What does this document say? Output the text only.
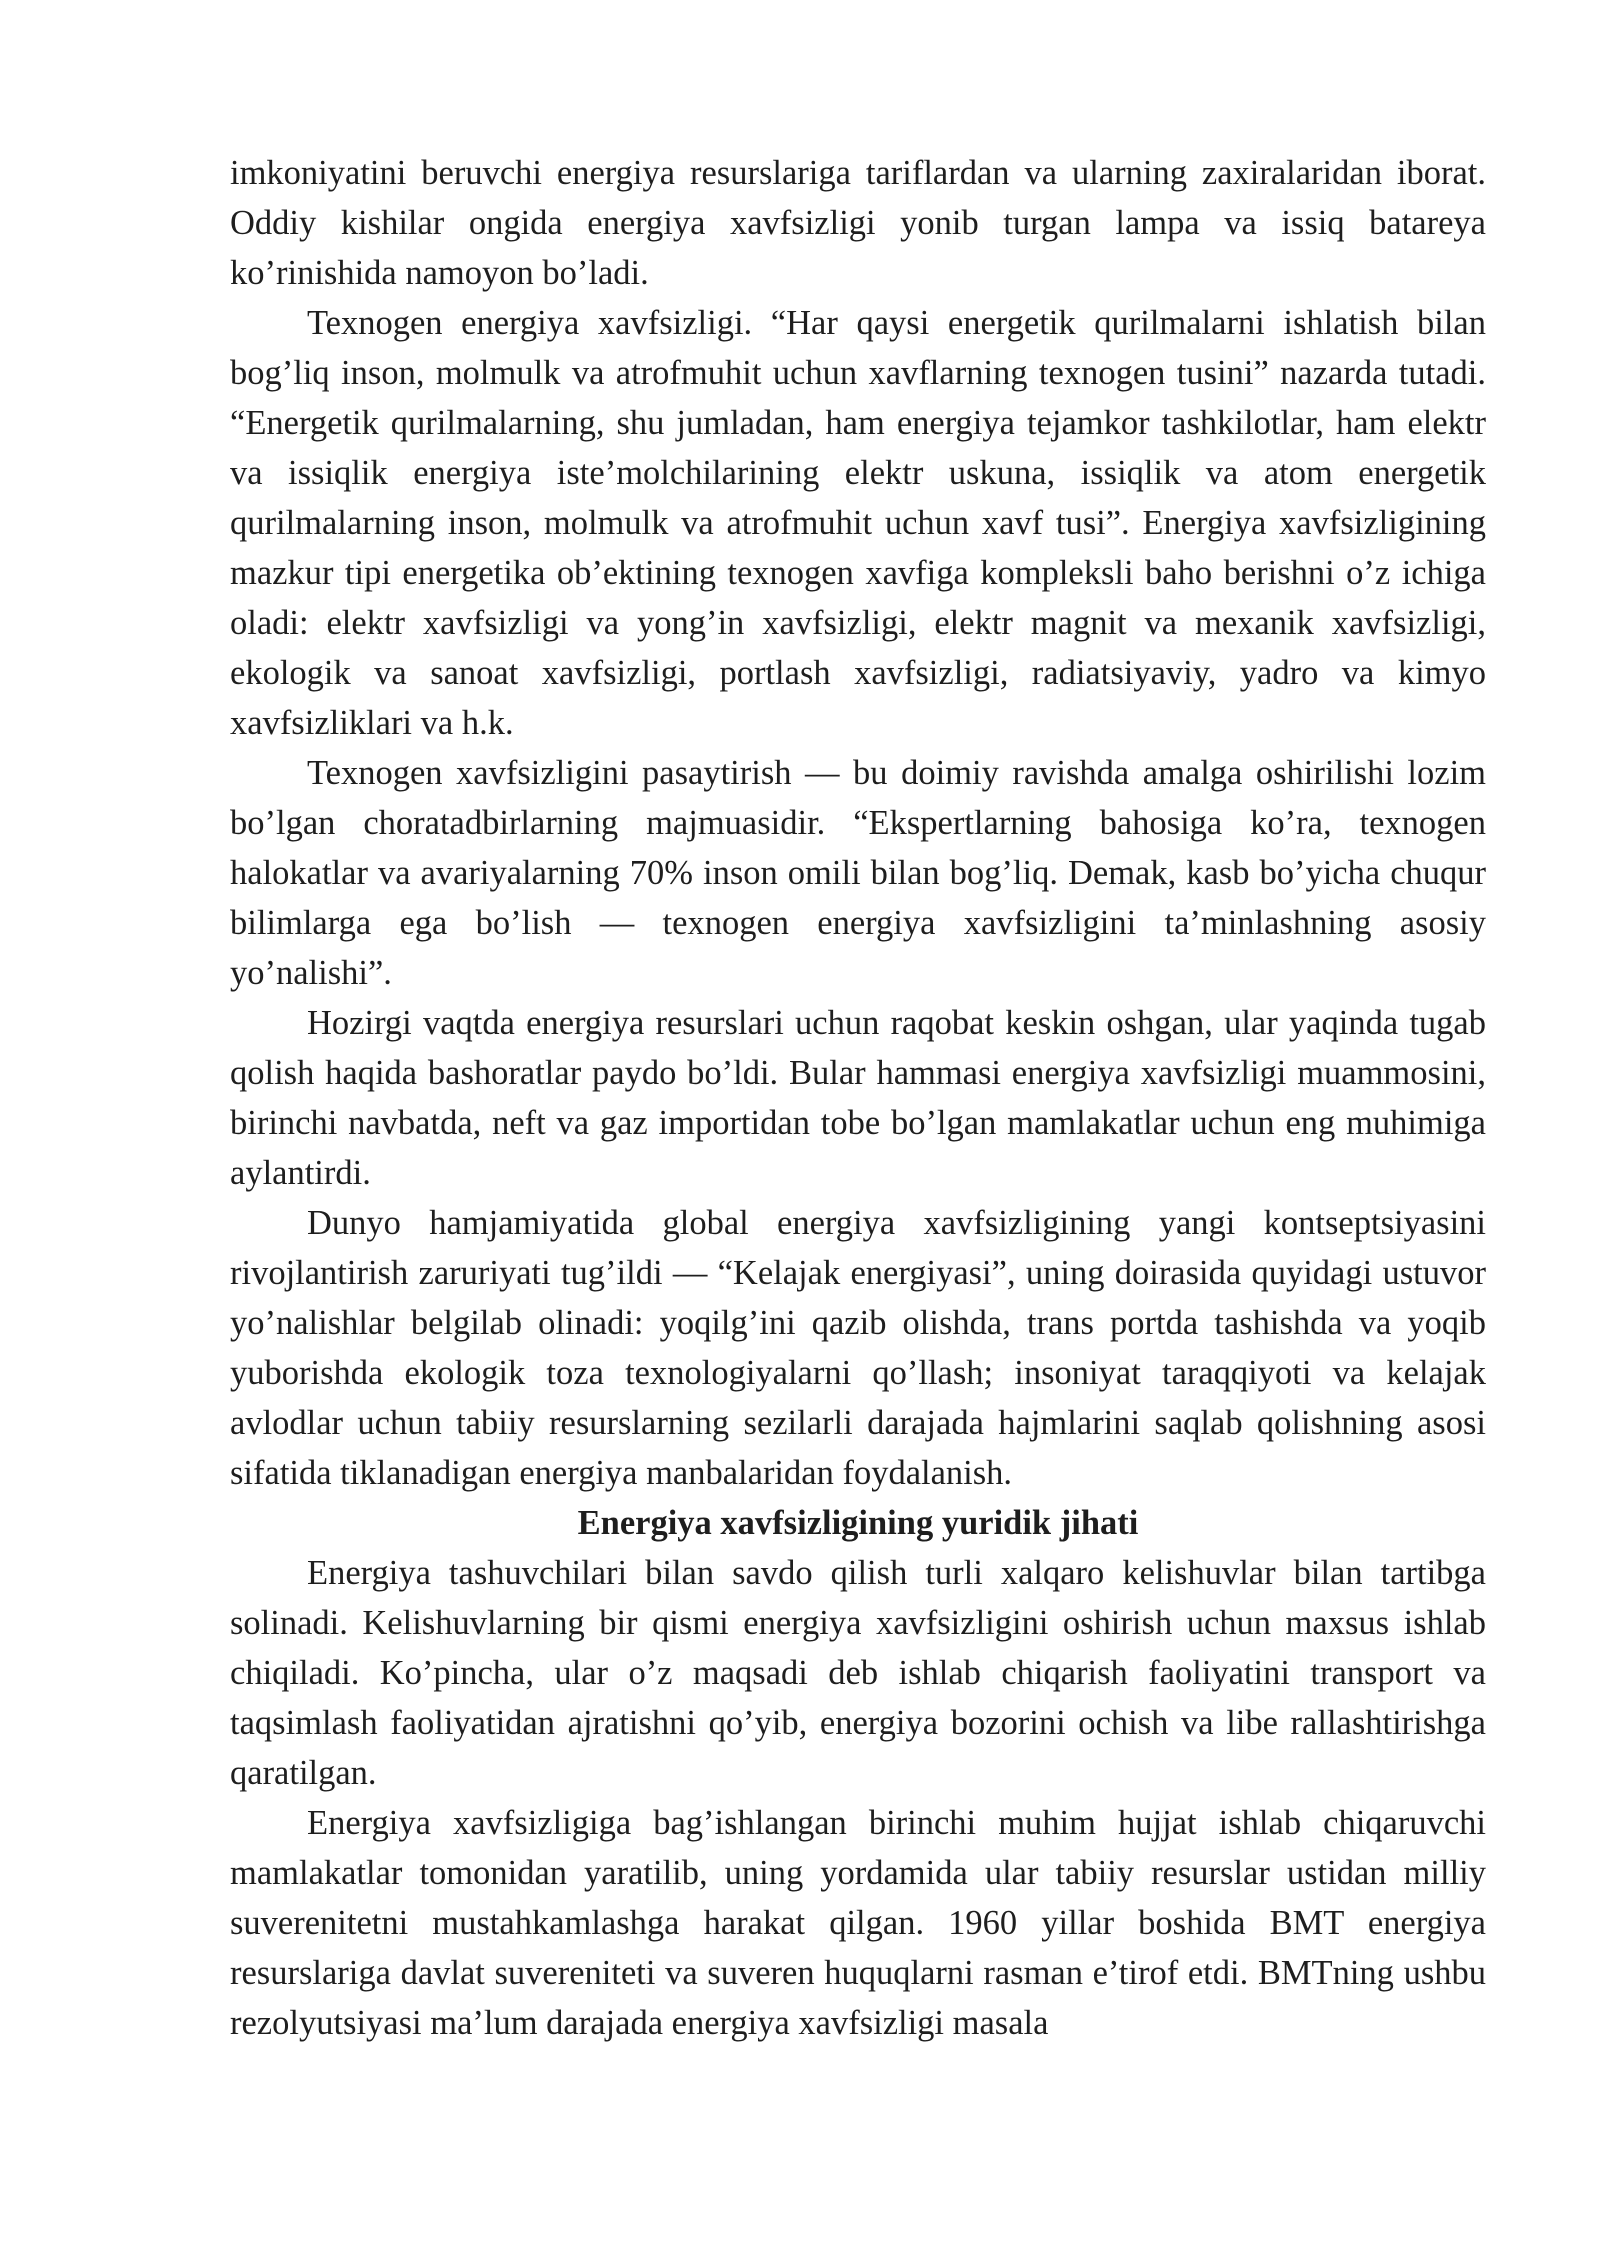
imkoniyatini beruvchi energiya resurslariga tariflardan va ularning zaxiralaridan iborat. Oddiy kishilar ongida energiya xavfsizligi yonib turgan lampa va issiq batareya ko’rinishida namoyon bo’ladi.

Texnogen energiya xavfsizligi. “Har qaysi energetik qurilmalarni ishlatish bilan bog’liq inson, molmulk va atrofmuhit uchun xavflarning texnogen tusini” nazarda tutadi. “Energetik qurilmalarning, shu jumladan, ham energiya tejamkor tashkilotlar, ham elektr va issiqlik energiya iste’molchilarining elektr uskuna, issiqlik va atom energetik qurilmalarning inson, molmulk va atrofmuhit uchun xavf tusi”. Energiya xavfsizligining mazkur tipi energetika ob’ektining texnogen xavfiga kompleksli baho berishni o’z ichiga oladi: elektr xavfsizligi va yong’in xavfsizligi, elektr magnit va mexanik xavfsizligi, ekologik va sanoat xavfsizligi, portlash xavfsizligi, radiatsiyaviy, yadro va kimyo xavfsizliklari va h.k.

Texnogen xavfsizligini pasaytirish — bu doimiy ravishda amalga oshirilishi lozim bo’lgan choratadbirlarning majmuasidir. “Ekspertlarning bahosiga ko’ra, texnogen halokatlar va avariyalarning 70% inson omili bilan bog’liq. Demak, kasb bo’yicha chuqur bilimlarga ega bo’lish — texnogen energiya xavfsizligini ta’minlashning asosiy yo’nalishi”.

Hozirgi vaqtda energiya resurslari uchun raqobat keskin oshgan, ular yaqinda tugab qolish haqida bashoratlar paydo bo’ldi. Bular hammasi energiya xavfsizligi muammosini, birinchi navbatda, neft va gaz importidan tobe bo’lgan mamlakatlar uchun eng muhimiga aylantirdi.

Dunyo hamjamiyatida global energiya xavfsizligining yangi kontseptsiyasini rivojlantirish zaruriyati tug’ildi — “Kelajak energiyasi”, uning doirasida quyidagi ustuvor yo’nalishlar belgilab olinadi: yoqilg’ini qazib olishda, trans portda tashishda va yoqib yuborishda ekologik toza texnologiyalarni qo’llash; insoniyat taraqqiyoti va kelajak avlodlar uchun tabiiy resurslarning sezilarli darajada hajmlarini saqlab qolishning asosi sifatida tiklanadigan energiya manbalaridan foydalanish.

Energiya xavfsizligining yuridik jihati

Energiya tashuvchilari bilan savdo qilish turli xalqaro kelishuvlar bilan tartibga solinadi. Kelishuvlarning bir qismi energiya xavfsizligini oshirish uchun maxsus ishlab chiqiladi. Ko’pincha, ular o’z maqsadi deb ishlab chiqarish faoliyatini transport va taqsimlash faoliyatidan ajratishni qo’yib, energiya bozorini ochish va libe rallashtirishga qaratilgan.

Energiya xavfsizligiga bag’ishlangan birinchi muhim hujjat ishlab chiqaruvchi mamlakatlar tomonidan yaratilib, uning yordamida ular tabiiy resurslar ustidan milliy suverenitetni mustahkamlashga harakat qilgan. 1960 yillar boshida BMT energiya resurslariga davlat suvereniteti va suveren huquqlarni rasman e’tirof etdi. BMTning ushbu rezolyutsiyasi ma’lum darajada energiya xavfsizligi masala
